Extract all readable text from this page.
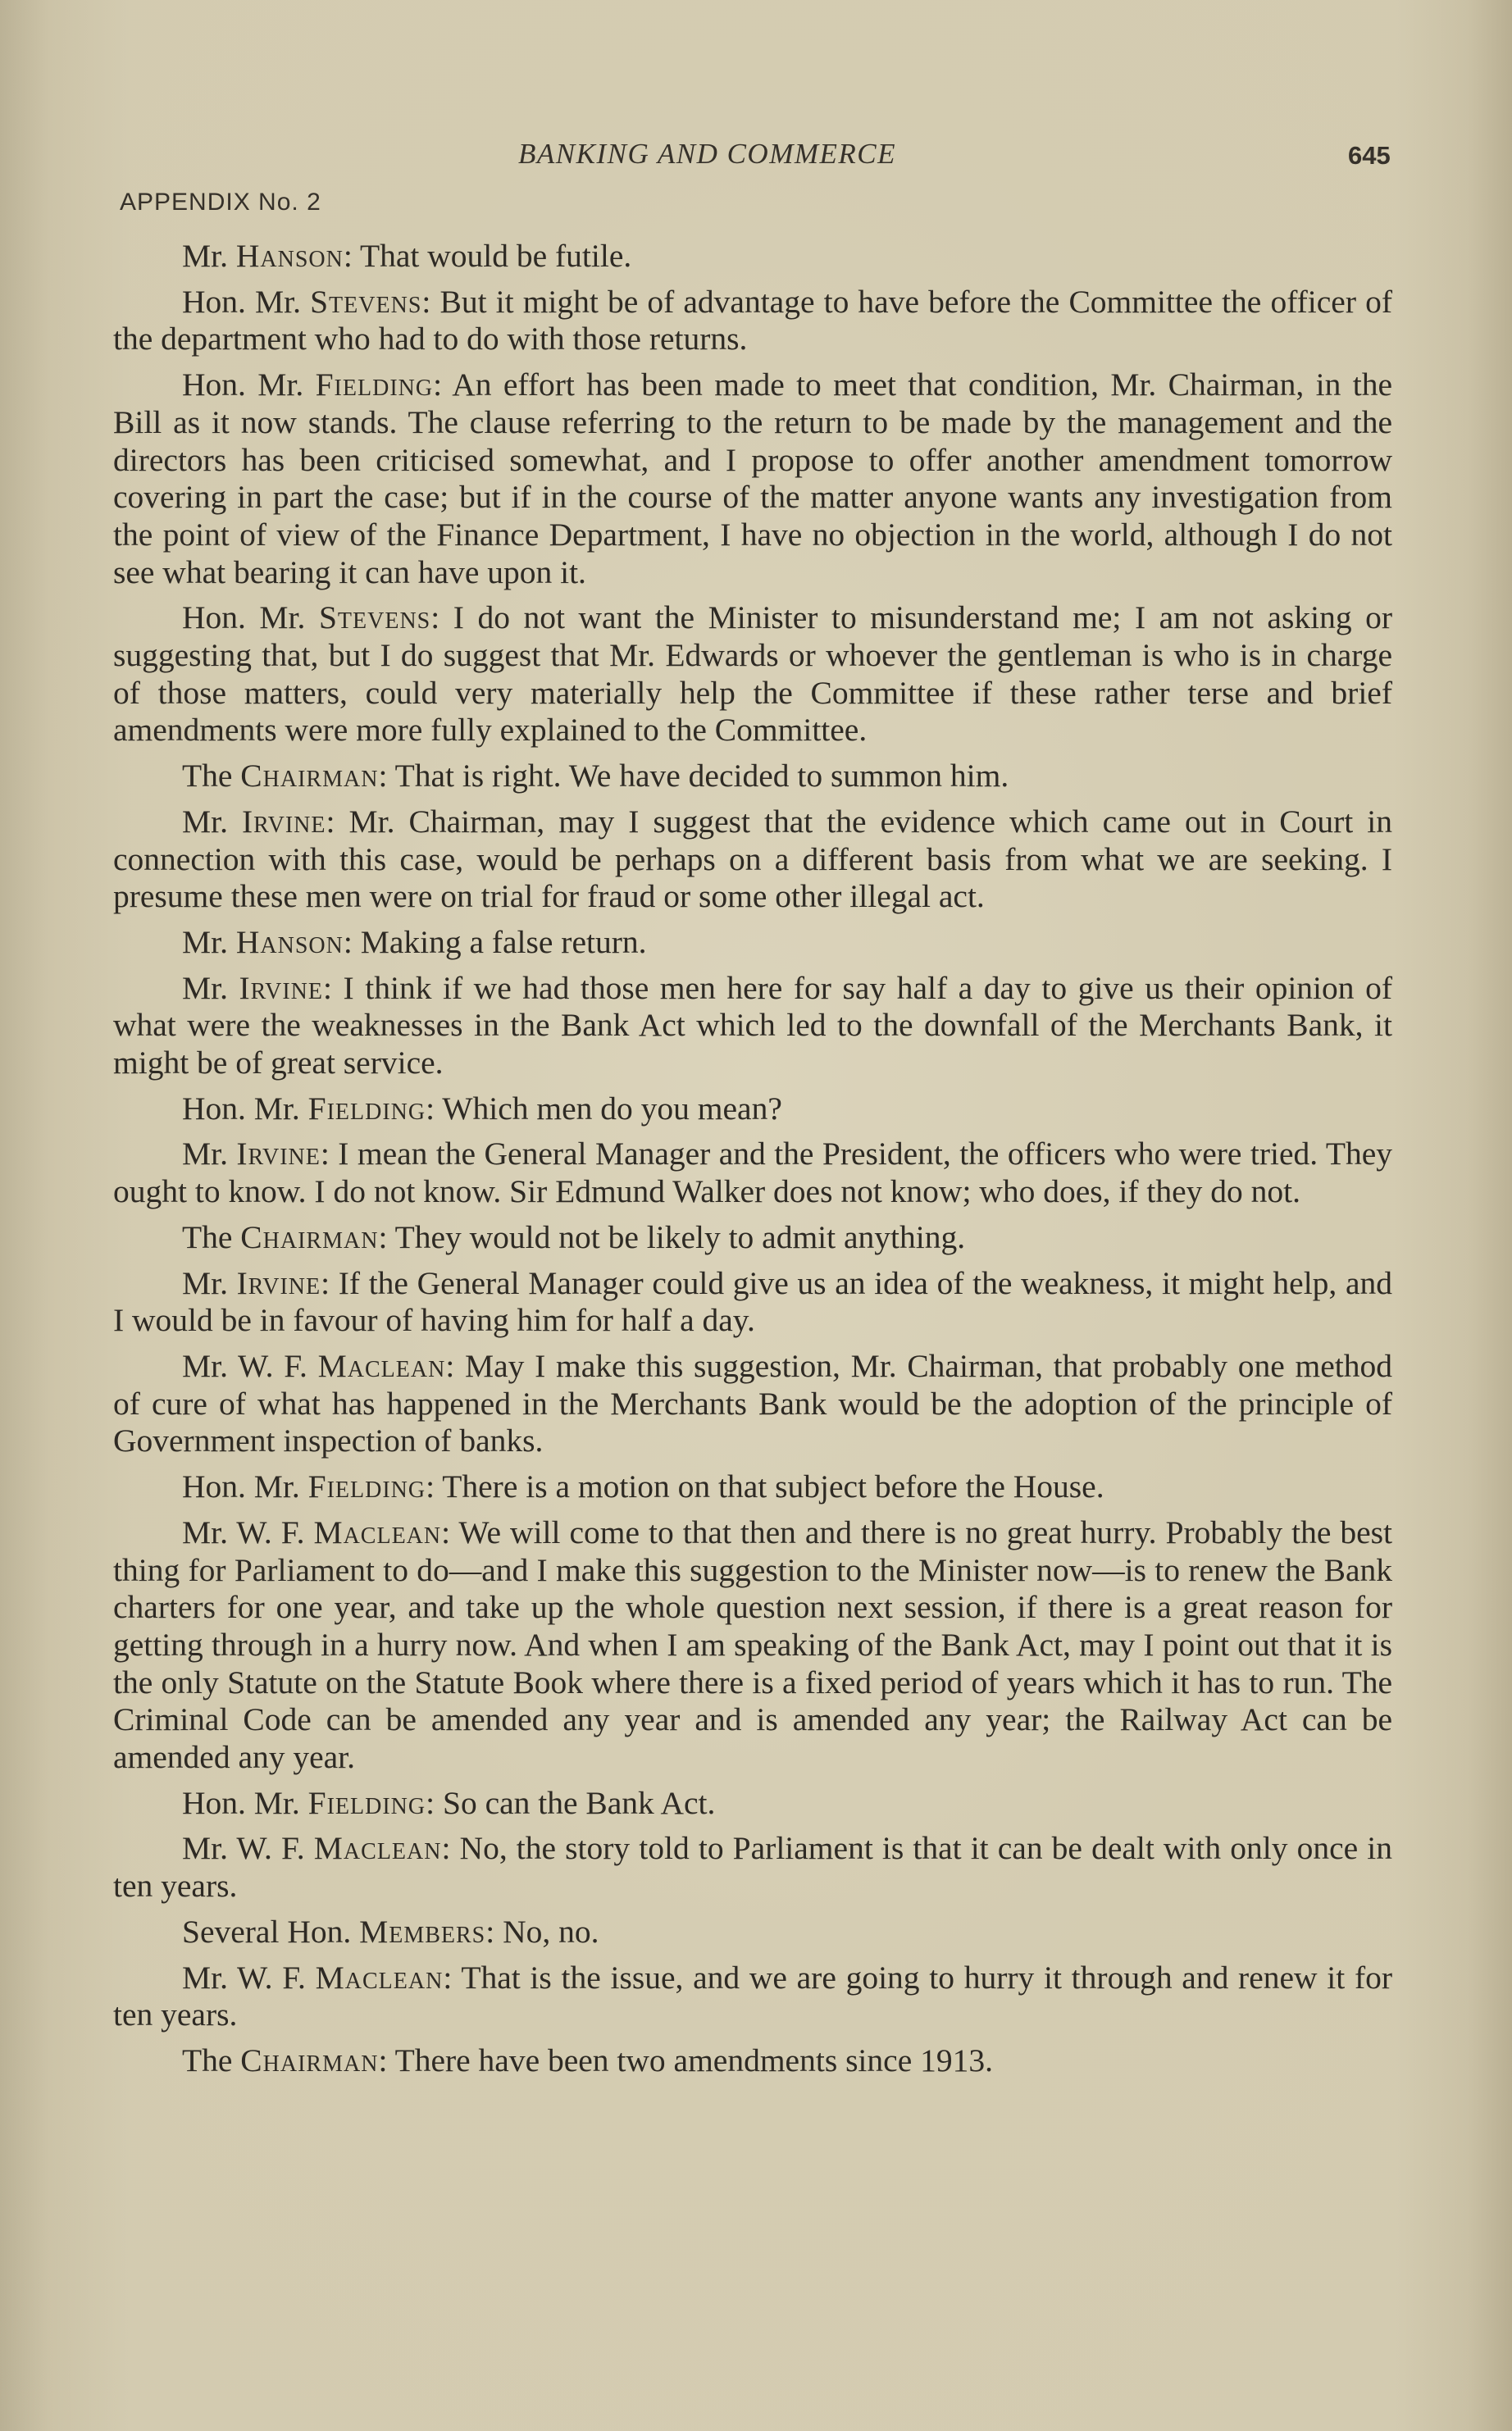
BANKING AND COMMERCE	645
APPENDIX No. 2

Mr. Hanson: That would be futile.

Hon. Mr. Stevens: But it might be of advantage to have before the Committee the officer of the department who had to do with those returns.

Hon. Mr. Fielding: An effort has been made to meet that condition, Mr. Chairman, in the Bill as it now stands. The clause referring to the return to be made by the management and the directors has been criticised somewhat, and I propose to offer another amendment tomorrow covering in part the case; but if in the course of the matter anyone wants any investigation from the point of view of the Finance Department, I have no objection in the world, although I do not see what bearing it can have upon it.

Hon. Mr. Stevens: I do not want the Minister to misunderstand me; I am not asking or suggesting that, but I do suggest that Mr. Edwards or whoever the gentleman is who is in charge of those matters, could very materially help the Committee if these rather terse and brief amendments were more fully explained to the Committee.

The Chairman: That is right. We have decided to summon him.

Mr. Irvine: Mr. Chairman, may I suggest that the evidence which came out in Court in connection with this case, would be perhaps on a different basis from what we are seeking. I presume these men were on trial for fraud or some other illegal act.

Mr. Hanson: Making a false return.

Mr. Irvine: I think if we had those men here for say half a day to give us their opinion of what were the weaknesses in the Bank Act which led to the downfall of the Merchants Bank, it might be of great service.

Hon. Mr. Fielding: Which men do you mean?

Mr. Irvine: I mean the General Manager and the President, the officers who were tried. They ought to know. I do not know. Sir Edmund Walker does not know; who does, if they do not.

The Chairman: They would not be likely to admit anything.

Mr. Irvine: If the General Manager could give us an idea of the weakness, it might help, and I would be in favour of having him for half a day.

Mr. W. F. Maclean: May I make this suggestion, Mr. Chairman, that probably one method of cure of what has happened in the Merchants Bank would be the adoption of the principle of Government inspection of banks.

Hon. Mr. Fielding: There is a motion on that subject before the House.

Mr. W. F. Maclean: We will come to that then and there is no great hurry. Probably the best thing for Parliament to do—and I make this suggestion to the Minister now—is to renew the Bank charters for one year, and take up the whole question next session, if there is a great reason for getting through in a hurry now. And when I am speaking of the Bank Act, may I point out that it is the only Statute on the Statute Book where there is a fixed period of years which it has to run. The Criminal Code can be amended any year and is amended any year; the Railway Act can be amended any year.

Hon. Mr. Fielding: So can the Bank Act.

Mr. W. F. Maclean: No, the story told to Parliament is that it can be dealt with only once in ten years.

Several Hon. Members: No, no.

Mr. W. F. Maclean: That is the issue, and we are going to hurry it through and renew it for ten years.

The Chairman: There have been two amendments since 1913.
